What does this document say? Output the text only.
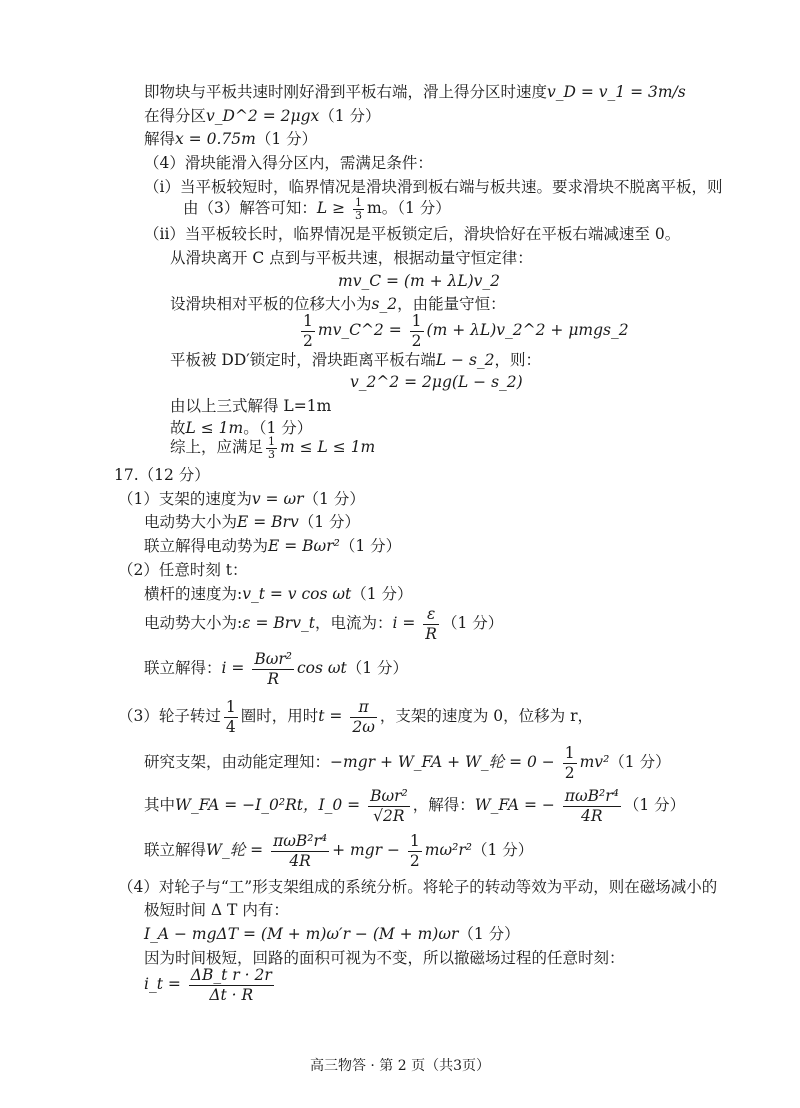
即物块与平板共速时刚好滑到平板右端，滑上得分区时速度v_D = v_1 = 3m/s
在得分区v_D^2 = 2μgx（1 分）
解得x = 0.75m（1 分）
（4）滑块能滑入得分区内，需满足条件：
（i）当平板较短时，临界情况是滑块滑到板右端与板共速。要求滑块不脱离平板，则
由（3）解答可知：$L \ge \frac{1}{3}$ m。（1 分）
（ii）当平板较长时，临界情况是平板锁定后，滑块恰好在平板右端减速至 0。
从滑块离开 C 点到与平板共速，根据动量守恒定律：
mv_C = (m + λL)v_2
设滑块相对平板的位移大小为s_2，由能量守恒：
$\frac{1}{2}$ mv_C^2 = $\frac{1}{2} (m$ + λL)v_2^2 + μmgs_2
平板被 DD′锁定时，滑块距离平板右端L − s_2，则：
v_2^2 = 2μg(L − s_2)
由以上三式解得 L=1m
故L ≤ 1m。（1 分）
综上，应满足 $\frac{1}{3}$ m ≤ L ≤ 1m
17.（12 分）
（1）支架的速度为v = ωr（1 分）
电动势大小为E = Brv（1 分）
联立解得电动势为E = Bωr²（1 分）
（2）任意时刻 t：
横杆的速度为:v_t = v cos ωt（1 分）
电动势大小为:ε = Brv_t，电流为：$i = \frac{\varepsilon}{R} (1$ 分）
联立解得：$i = \frac{\text{Bωr²}}{R}$ cos ωt（1 分）
（3）轮子转过 $\frac{1}{4}$ 圈时，用时$t = \frac{\pi}{2\omega}$ ，支架的速度为 0，位移为 r，
研究支架，由动能定理知：−mgr + W_FA + W_轮 = $0 - \frac{1}{2} mv^2(1$ 分）
其中W_FA = −I_0²Rt，I_0 = $\frac{\text{Bωr²}}{√2R}$ ，解得：W_FA = − $\frac{\text{πωB²r⁴}}{4R} (1$ 分）
联立解得W_轮 = $\frac{\text{πωB²r⁴}}{4R}$ + mgr − $\frac{1}{2} m\omega^2r^2(1$ 分）
（4）对轮子与“工”形支架组成的系统分析。将轮子的转动等效为平动，则在磁场减小的
极短时间 Δ T 内有：
I_A − mgΔT = (M + m)ω′r − (M + m)ωr（1 分）
因为时间极短，回路的面积可视为不变，所以撤磁场过程的任意时刻：
i_t = $\frac{\text{ΔB\_t r · 2r}}{\Delta t \cdot R}$
高三物答 · 第 2 页（共3页）
